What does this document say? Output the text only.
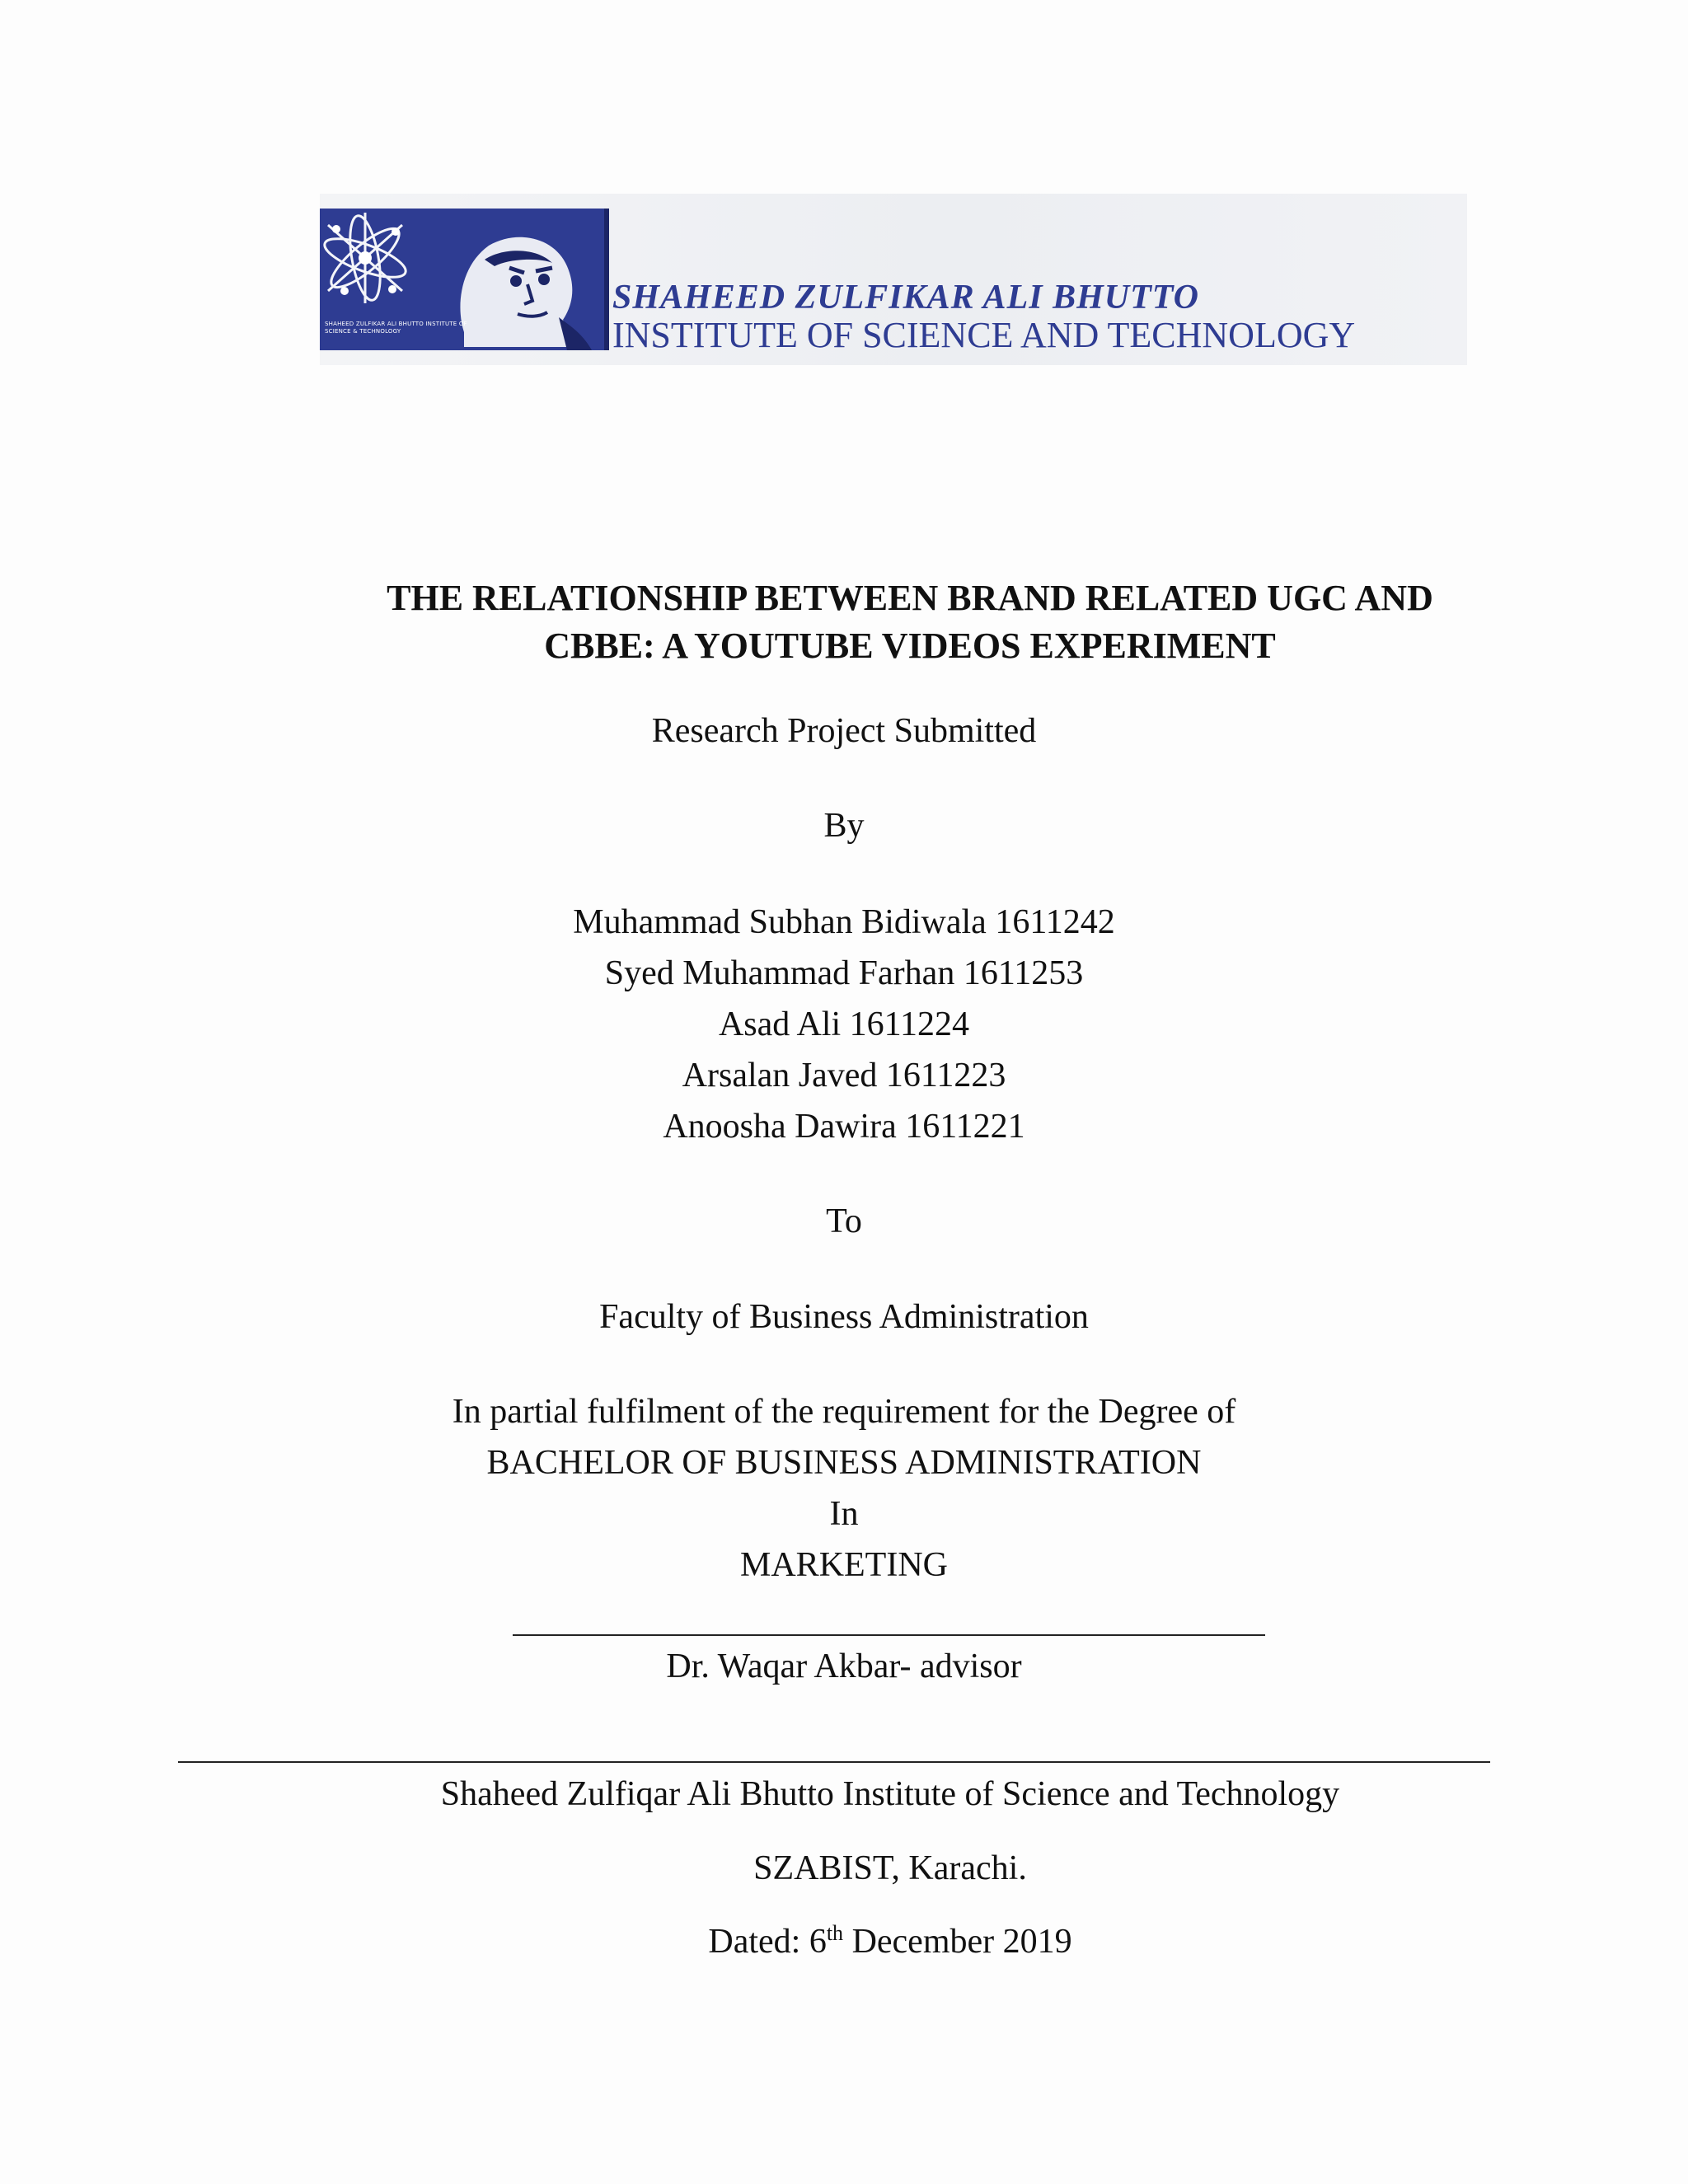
SHAHEED ZULFIKAR ALI BHUTTO INSTITUTE OF SCIENCE & TECHNOLOGY
SHAHEED ZULFIKAR ALI BHUTTO
INSTITUTE OF SCIENCE AND TECHNOLOGY
THE RELATIONSHIP BETWEEN BRAND RELATED UGC AND
CBBE: A YOUTUBE VIDEOS EXPERIMENT
Research Project Submitted
By
Muhammad Subhan Bidiwala 1611242
Syed Muhammad Farhan 1611253
Asad Ali 1611224
Arsalan Javed 1611223
Anoosha Dawira 1611221
To
Faculty of Business Administration
In partial fulfilment of the requirement for the Degree of
BACHELOR OF BUSINESS ADMINISTRATION
In
MARKETING
Dr. Waqar Akbar- advisor
Shaheed Zulfiqar Ali Bhutto Institute of Science and Technology
SZABIST, Karachi.
Dated: 6th December 2019
